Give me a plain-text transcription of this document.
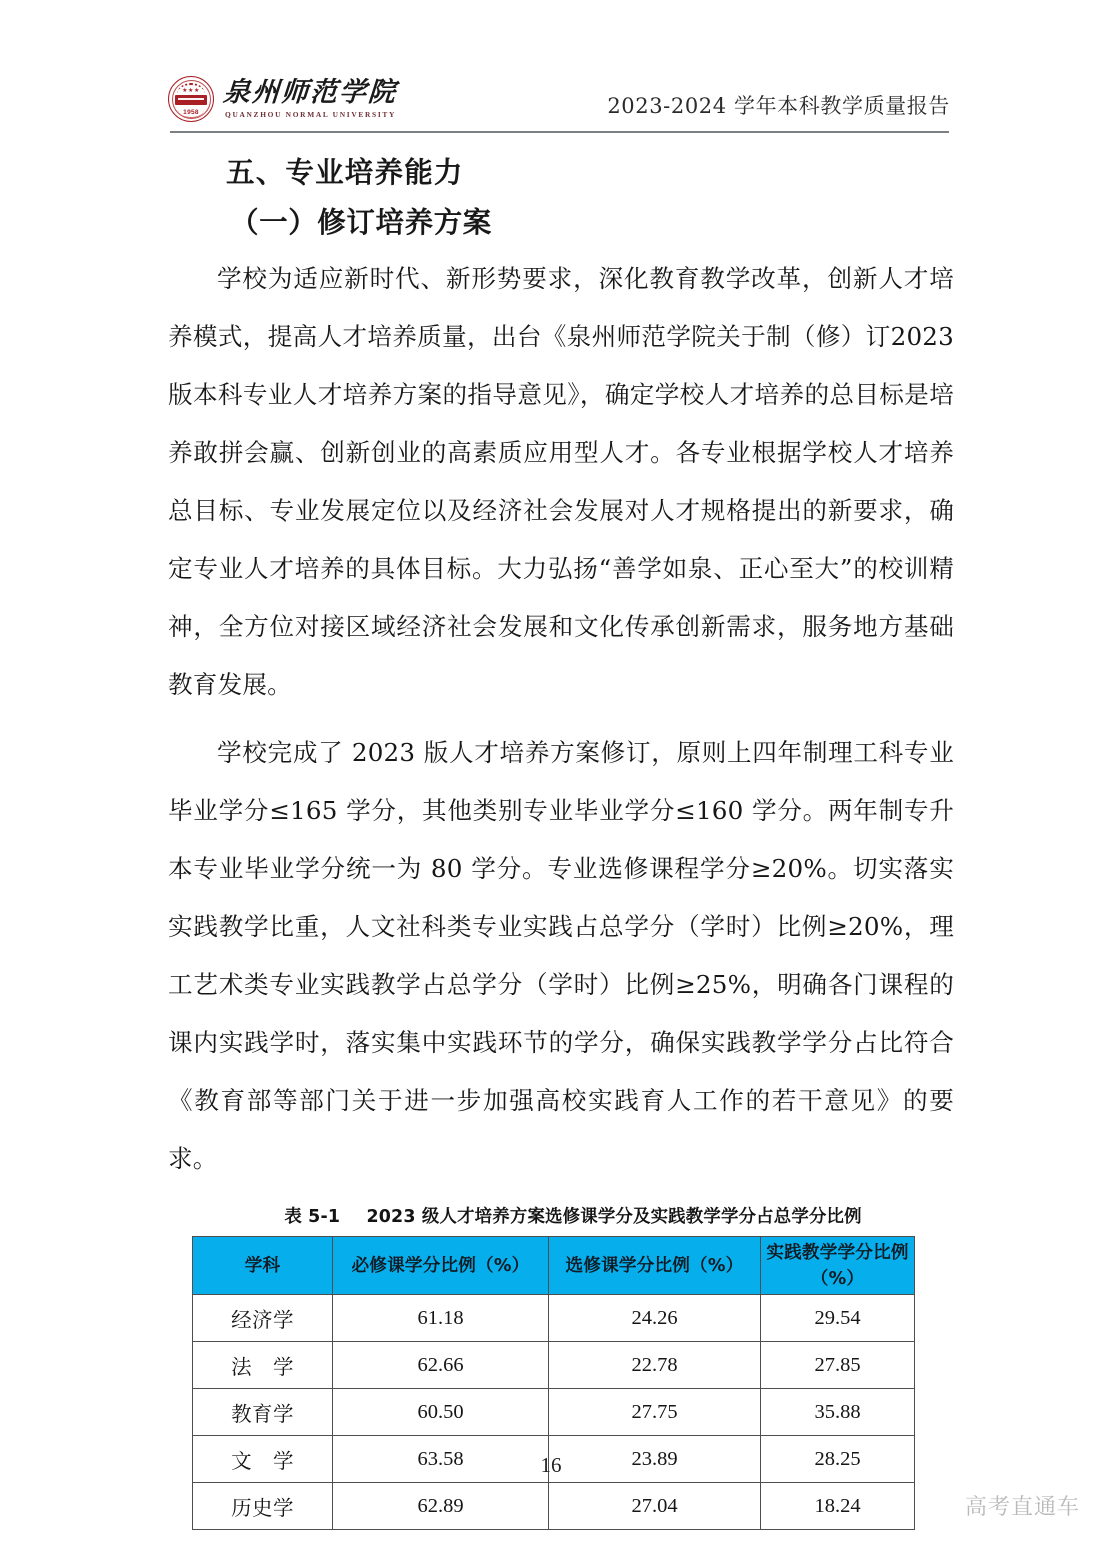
★★★
1958
泉州师范学院
QUANZHOU NORMAL UNIVERSITY	2023-2024 学年本科教学质量报告
五、专业培养能力
（一）修订培养方案

学校为适应新时代、新形势要求，深化教育教学改革，创新人才培养模式，提高人才培养质量，出台《泉州师范学院关于制（修）订2023 版本科专业人才培养方案的指导意见》，确定学校人才培养的总目标是培养敢拼会赢、创新创业的高素质应用型人才。各专业根据学校人才培养总目标、专业发展定位以及经济社会发展对人才规格提出的新要求，确定专业人才培养的具体目标。大力弘扬“善学如泉、正心至大”的校训精神，全方位对接区域经济社会发展和文化传承创新需求，服务地方基础教育发展。

学校完成了 2023 版人才培养方案修订，原则上四年制理工科专业毕业学分≤165 学分，其他类别专业毕业学分≤160 学分。两年制专升本专业毕业学分统一为 80 学分。专业选修课程学分≥20%。切实落实实践教学比重，人文社科类专业实践占总学分（学时）比例≥20%，理工艺术类专业实践教学占总学分（学时）比例≥25%，明确各门课程的课内实践学时，落实集中实践环节的学分，确保实践教学学分占比符合《教育部等部门关于进一步加强高校实践育人工作的若干意见》的要求。

表 5-1 2023 级人才培养方案选修课学分及实践教学学分占总学分比例
学科	必修课学分比例（%）	选修课学分比例（%）	实践教学学分比例（%）
经济学	61.18	24.26	29.54
法　学	62.66	22.78	27.85
教育学	60.50	27.75	35.88
文　学	63.58	23.89	28.25
历史学	62.89	27.04	18.24
16
高考直通车
